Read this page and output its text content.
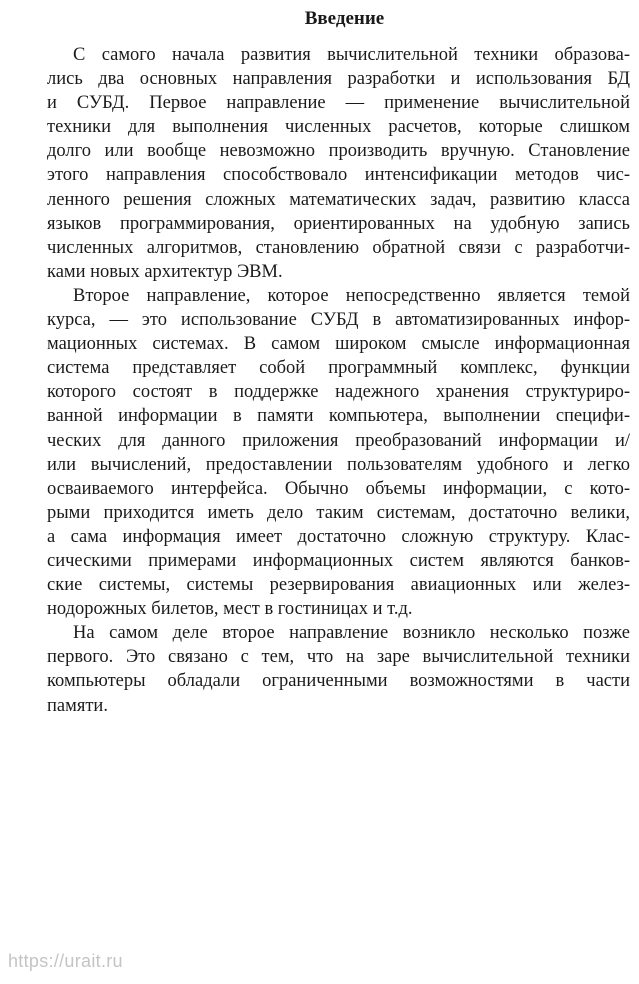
Введение
С самого начала развития вычислительной техники образова-
лись два основных направления разработки и использования БД
и СУБД. Первое направление — применение вычислительной
техники для выполнения численных расчетов, которые слишком
долго или вообще невозможно производить вручную. Становление
этого направления способствовало интенсификации методов чис-
ленного решения сложных математических задач, развитию класса
языков программирования, ориентированных на удобную запись
численных алгоритмов, становлению обратной связи с разработчи-
ками новых архитектур ЭВМ.
Второе направление, которое непосредственно является темой
курса, — это использование СУБД в автоматизированных инфор-
мационных системах. В самом широком смысле информационная
система представляет собой программный комплекс, функции
которого состоят в поддержке надежного хранения структуриро-
ванной информации в памяти компьютера, выполнении специфи-
ческих для данного приложения преобразований информации и/
или вычислений, предоставлении пользователям удобного и легко
осваиваемого интерфейса. Обычно объемы информации, с кото-
рыми приходится иметь дело таким системам, достаточно велики,
а сама информация имеет достаточно сложную структуру. Клас-
сическими примерами информационных систем являются банков-
ские системы, системы резервирования авиационных или желез-
нодорожных билетов, мест в гостиницах и т.д.
На самом деле второе направление возникло несколько позже
первого. Это связано с тем, что на заре вычислительной техники
компьютеры обладали ограниченными возможностями в части
памяти.
https://urait.ru
